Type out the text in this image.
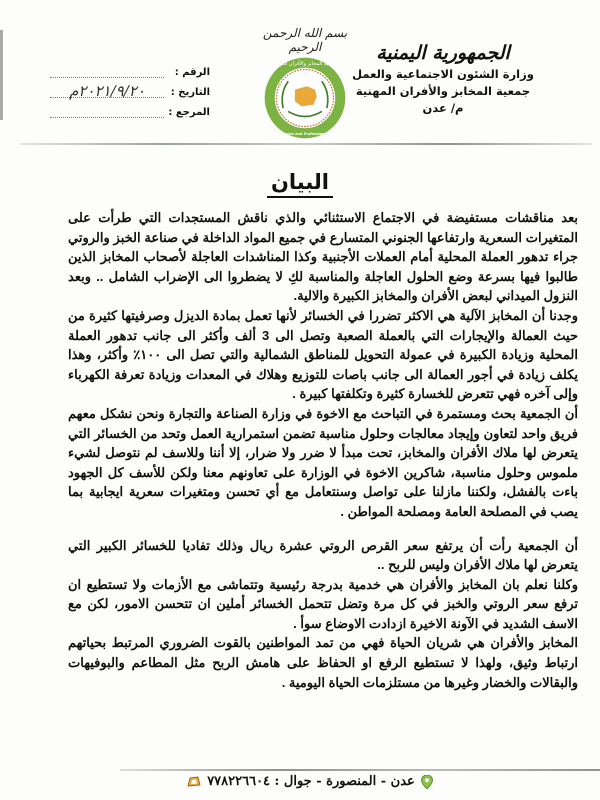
الجمهورية اليمنية
وزارة الشئون الاجتماعية والعمل
جمعية المخابز والأفران المهنية
م/ عدن
بسم الله الرحمن الرحيم
جمعية المخابز والأفران المهنية
The Bakeries and Professional Ovens
الرقم :
التاريخ :
٢٠٢١/٩/٢٠م
المرجع :
البيان

بعد مناقشات مستفيضة في الاجتماع الاستثنائي والذي ناقش المستجدات التي طرأت على المتغيرات السعرية وارتفاعها الجنوني المتسارع في جميع المواد الداخلة في صناعة الخبز والروتي جراء تدهور العملة المحلية أمام العملات الأجنبية وكذا المناشدات العاجلة لأصحاب المخابز الذين طالبوا فيها بسرعة وضع الحلول العاجلة والمناسبة لكِ لا يضطروا الى الإضراب الشامل .. وبعد النزول الميداني لبعض الأفران والمخابز الكبيرة والالية.

وجدنا أن المخابز الآلية هي الاكثر تضررا في الخسائر لأنها تعمل بمادة الديزل وصرفيتها كثيرة من حيث العمالة والإيجارات التي بالعملة الصعبة وتصل الى 3 ألف وأكثر الى جانب تدهور العملة المحلية وزيادة الكبيرة في عمولة التحويل للمناطق الشمالية والتي تصل الى ١٠٠٪ وأكثر، وهذا يكلف زيادة في أجور العمالة الى جانب باصات للتوزيع وهلاك في المعدات وزيادة تعرفة الكهرباء وإلى آخره فهي تتعرض للخسارة كثيرة وتكلفتها كبيرة .

أن الجمعية بحث ومستمرة في التباحث مع الاخوة في وزارة الصناعة والتجارة ونحن نشكل معهم فريق واحد لتعاون وإيجاد معالجات وحلول مناسبة تضمن استمرارية العمل وتحد من الخسائر التي يتعرض لها ملاك الأفران والمخابز، تحت مبدأ لا ضرر ولا ضرار، إلا أننا وللاسف لم نتوصل لشيء ملموس وحلول مناسبة، شاكرين الاخوة في الوزارة على تعاونهم معنا ولكن للأسف كل الجهود باءت بالفشل، ولكننا مازلنا على تواصل وسنتعامل مع أي تحسن ومتغيرات سعرية ايجابية بما يصب في المصلحة العامة ومصلحة المواطن .

أن الجمعية رأت أن يرتفع سعر القرص الروتي عشرة ريال وذلك تفاديا للخسائر الكبير التي يتعرض لها ملاك الأفران وليس للربح ..

وكلنا نعلم بان المخابز والأفران هي خدمية بدرجة رئيسية وتتماشى مع الأزمات ولا تستطيع ان ترفع سعر الروتي والخبز في كل مرة وتضل تتحمل الخسائر أملين ان تتحسن الامور، لكن مع الاسف الشديد في الآونة الاخيرة ازدادت الاوضاع سوأ .

المخابز والأفران هي شريان الحياة فهي من تمد المواطنين بالقوت الضروري المرتبط بحياتهم ارتباط وثيق، ولهذا لا تستطيع الرفع او الحفاظ على هامش الربح مثل المطاعم والبوفيهات والبقالات والخضار وغيرها من مستلزمات الحياة اليومية .

عدن - المنصورة - جوال : ٧٧٨٢٢٦٦٠٤
